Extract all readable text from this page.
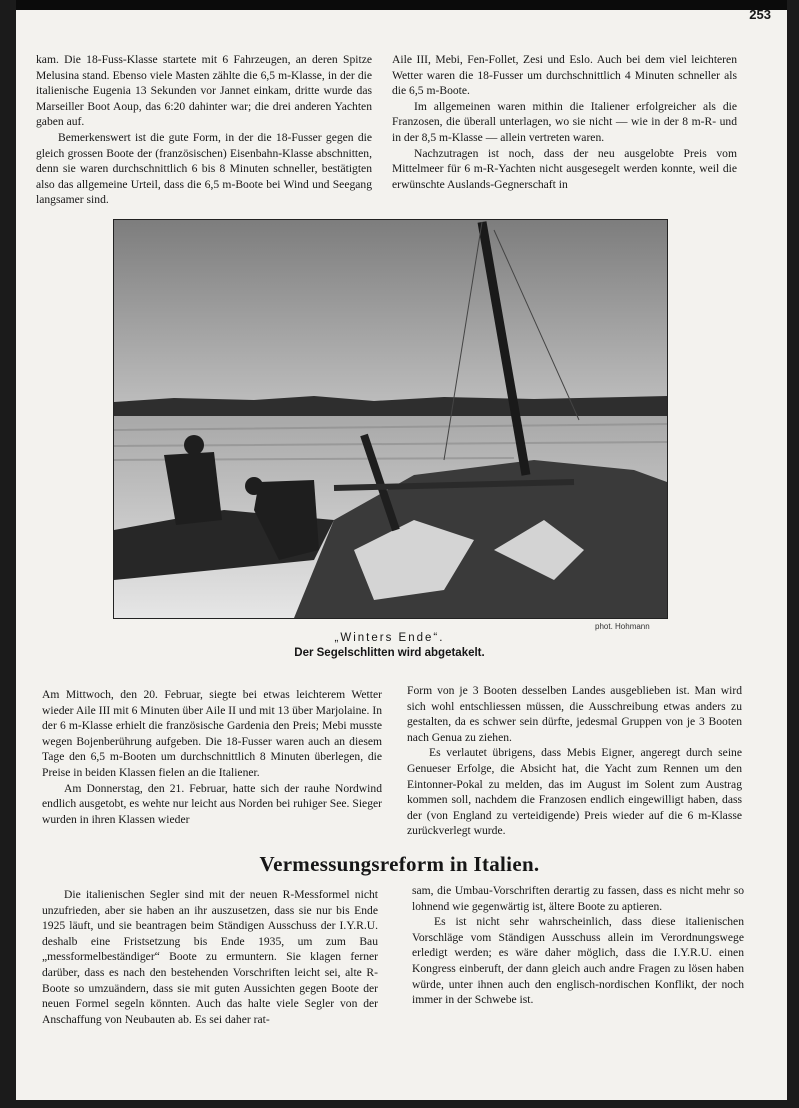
253

kam. Die 18-Fuss-Klasse startete mit 6 Fahrzeugen, an deren Spitze Melusina stand. Ebenso viele Masten zählte die 6,5 m-Klasse, in der die italienische Eugenia 13 Sekunden vor Jannet einkam, dritte wurde das Marseiller Boot Aoup, das 6:20 dahinter war; die drei anderen Yachten gaben auf.

Bemerkenswert ist die gute Form, in der die 18-Fusser gegen die gleich grossen Boote der (französischen) Eisenbahn-Klasse abschnitten, denn sie waren durchschnittlich 6 bis 8 Minuten schneller, bestätigten also das allgemeine Urteil, dass die 6,5 m-Boote bei Wind und Seegang langsamer sind.

Aile III, Mebi, Fen-Follet, Zesi und Eslo. Auch bei dem viel leichteren Wetter waren die 18-Fusser um durchschnittlich 4 Minuten schneller als die 6,5 m-Boote.

Im allgemeinen waren mithin die Italiener erfolgreicher als die Franzosen, die überall unterlagen, wo sie nicht — wie in der 8 m-R- und in der 8,5 m-Klasse — allein vertreten waren.

Nachzutragen ist noch, dass der neu ausgelobte Preis vom Mittelmeer für 6 m-R-Yachten nicht ausgesegelt werden konnte, weil die erwünschte Auslands-Gegnerschaft in

phot. Hohmann
„Winters Ende“.
Der Segelschlitten wird abgetakelt.

Am Mittwoch, den 20. Februar, siegte bei etwas leichterem Wetter wieder Aile III mit 6 Minuten über Aile II und mit 13 über Marjolaine. In der 6 m-Klasse erhielt die französische Gardenia den Preis; Mebi musste wegen Bojenberührung aufgeben. Die 18-Fusser waren auch an diesem Tage den 6,5 m-Booten um durchschnittlich 8 Minuten überlegen, die Preise in beiden Klassen fielen an die Italiener.

Am Donnerstag, den 21. Februar, hatte sich der rauhe Nordwind endlich ausgetobt, es wehte nur leicht aus Norden bei ruhiger See. Sieger wurden in ihren Klassen wieder

Form von je 3 Booten desselben Landes ausgeblieben ist. Man wird sich wohl entschliessen müssen, die Ausschreibung etwas anders zu gestalten, da es schwer sein dürfte, jedesmal Gruppen von je 3 Booten nach Genua zu ziehen.

Es verlautet übrigens, dass Mebis Eigner, angeregt durch seine Genueser Erfolge, die Absicht hat, die Yacht zum Rennen um den Eintonner-Pokal zu melden, das im August im Solent zum Austrag kommen soll, nachdem die Franzosen endlich eingewilligt haben, dass der (von England zu verteidigende) Preis wieder auf die 6 m-Klasse zurückverlegt wurde.

Vermessungsreform in Italien.

Die italienischen Segler sind mit der neuen R-Messformel nicht unzufrieden, aber sie haben an ihr auszusetzen, dass sie nur bis Ende 1925 läuft, und sie beantragen beim Ständigen Ausschuss der I.Y.R.U. deshalb eine Fristsetzung bis Ende 1935, um zum Bau „messformelbeständiger“ Boote zu ermuntern. Sie klagen ferner darüber, dass es nach den bestehenden Vorschriften leicht sei, alte R-Boote so umzuändern, dass sie mit guten Aussichten gegen Boote der neuen Formel segeln könnten. Auch das halte viele Segler von der Anschaffung von Neubauten ab. Es sei daher rat-

sam, die Umbau-Vorschriften derartig zu fassen, dass es nicht mehr so lohnend wie gegenwärtig ist, ältere Boote zu aptieren.

Es ist nicht sehr wahrscheinlich, dass diese italienischen Vorschläge vom Ständigen Ausschuss allein im Verordnungswege erledigt werden; es wäre daher möglich, dass die I.Y.R.U. einen Kongress einberuft, der dann gleich auch andre Fragen zu lösen haben würde, unter ihnen auch den englisch-nordischen Konflikt, der noch immer in der Schwebe ist.
